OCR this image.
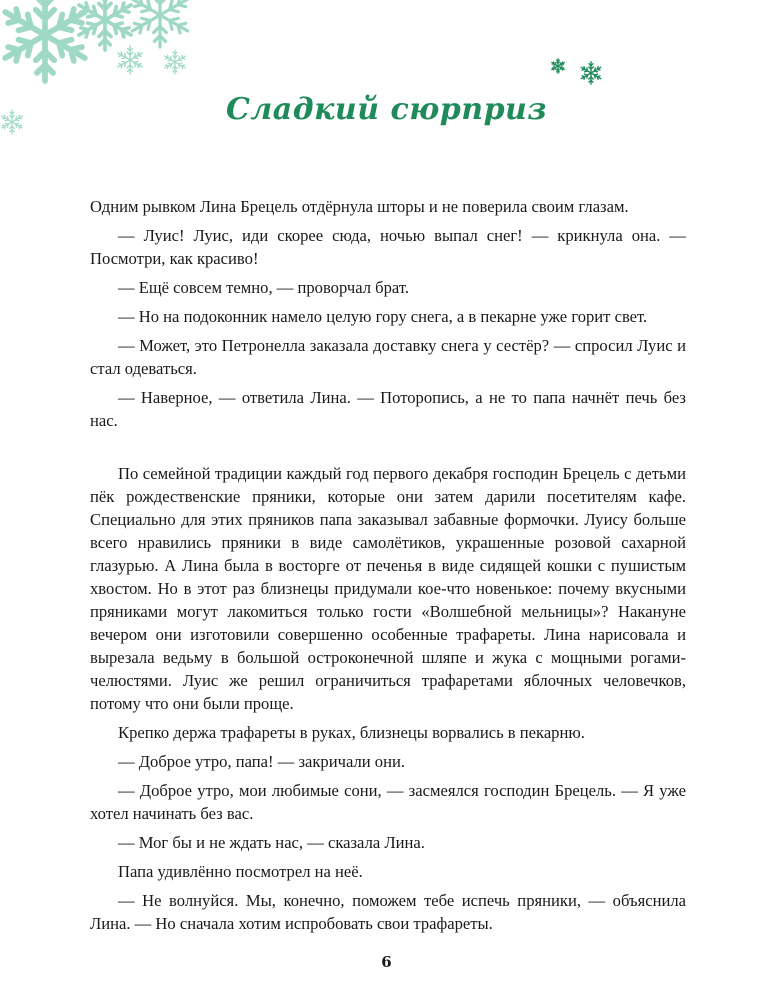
Сладкий сюрприз

Одним рывком Лина Брецель отдёрнула шторы и не поверила своим глазам.

— Луис! Луис, иди скорее сюда, ночью выпал снег! — крикнула она. — Посмотри, как красиво!

— Ещё совсем темно, — проворчал брат.

— Но на подоконник намело целую гору снега, а в пекарне уже горит свет.

— Может, это Петронелла заказала доставку снега у сестёр? — спросил Луис и стал одеваться.

— Наверное, — ответила Лина. — Поторопись, а не то папа начнёт печь без нас.

По семейной традиции каждый год первого декабря господин Брецель с детьми пёк рождественские пряники, которые они затем дарили посетителям кафе. Специально для этих пряников папа заказывал забавные формочки. Луису больше всего нравились пряники в виде самолётиков, украшенные розовой сахарной глазурью. А Лина была в восторге от печенья в виде сидящей кошки с пушистым хвостом. Но в этот раз близнецы придумали кое-что новенькое: почему вкусными пряниками могут лакомиться только гости «Волшебной мельницы»? Накануне вечером они изготовили совершенно особенные трафареты. Лина нарисовала и вырезала ведьму в большой остроконечной шляпе и жука с мощными рогами-челюстями. Луис же решил ограничиться трафаретами яблочных человечков, потому что они были проще.

Крепко держа трафареты в руках, близнецы ворвались в пекарню.

— Доброе утро, папа! — закричали они.

— Доброе утро, мои любимые сони, — засмеялся господин Брецель. — Я уже хотел начинать без вас.

— Мог бы и не ждать нас, — сказала Лина.

Папа удивлённо посмотрел на неё.

— Не волнуйся. Мы, конечно, поможем тебе испечь пряники, — объяснила Лина. — Но сначала хотим испробовать свои трафареты.

6
